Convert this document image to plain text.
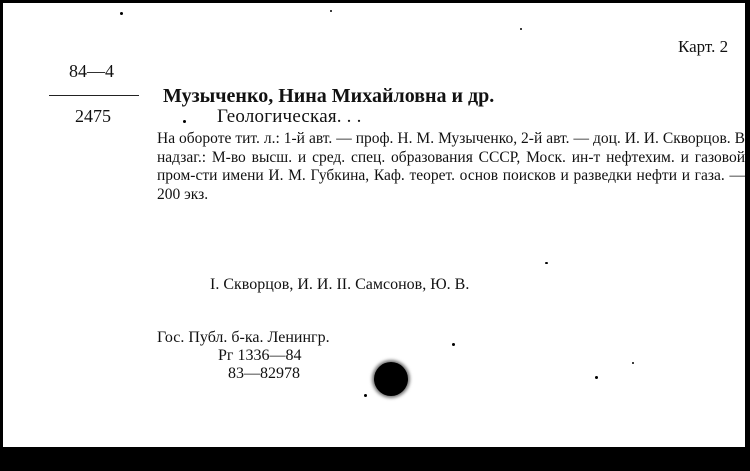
Карт. 2
84—4
2475
Музыченко, Нина Михайловна и др.
Геологическая. . .
На обороте тит. л.: 1-й авт. — проф. Н. М. Музыченко, 2-й авт. — доц. И. И. Скворцов. В надзаг.: М-во высш. и сред. спец. образования СССР, Моск. ин-т нефтехим. и газовой пром-сти имени И. М. Губкина, Каф. теорет. основ поисков и разведки нефти и газа. — 200 экз.
I. Скворцов, И. И. II. Самсонов, Ю. В.
Гос. Публ. б-ка. Ленингр.
Рг 1336—84
83—82978
